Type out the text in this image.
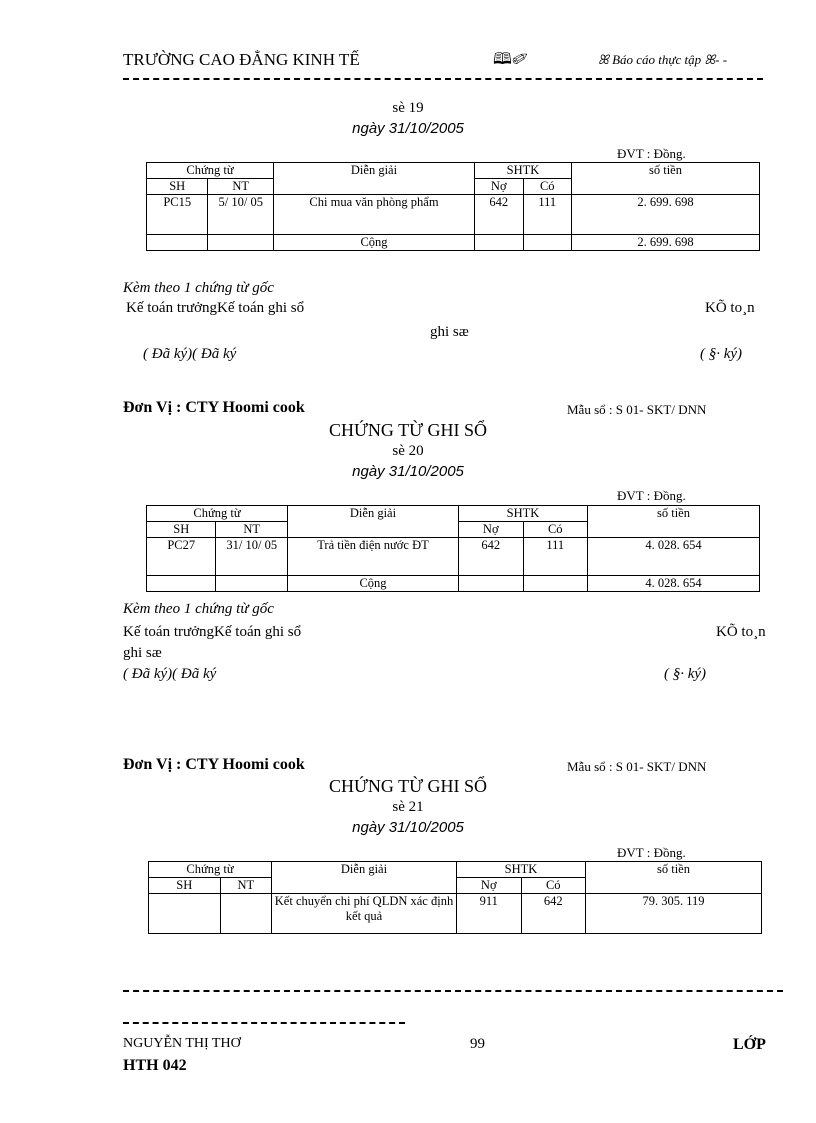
TRƯỜNG CAO ĐẲNG KINH TẾ	🕮✐	ꕤ Báo cáo thực tập ꕤ- -
sè 19
ngày 31/10/2005
ĐVT : Đồng.
Chứng từ		Diễn giải	SHTK		số tiền
SH	NT		Nợ	Có	
PC15	5/ 10/ 05	Chi mua văn phòng phẩm	642	111	2. 699. 698
		Cộng			2. 699. 698
Kèm theo 1 chứng từ gốc
Kế toán trưởngKế toán ghi sổ	KÕ to¸n
ghi sæ
( Đã ký)( Đã ký	( §· ký)
Đơn Vị : CTY Hoomi cook	Mẫu sổ : S 01- SKT/ DNN
CHỨNG TỪ GHI SỔ
sè 20
ngày 31/10/2005
ĐVT : Đồng.
Chứng từ		Diễn giải	SHTK		số tiền
SH	NT		Nợ	Có	
PC27	31/ 10/ 05	Trả tiền điện nước ĐT	642	111	4. 028. 654
		Cộng			4. 028. 654
Kèm theo 1 chứng từ gốc
Kế toán trưởngKế toán ghi sổ	KÕ to¸n
ghi sæ
( Đã ký)( Đã ký	( §· ký)
Đơn Vị : CTY Hoomi cook	Mẫu sổ : S 01- SKT/ DNN
CHỨNG TỪ GHI SỔ
sè 21
ngày 31/10/2005
ĐVT : Đồng.
Chứng từ		Diễn giải	SHTK		số tiền
SH	NT		Nợ	Có	
		Kết chuyển chi phí QLDN xác định kết quả	911	642	79. 305. 119
NGUYỄN THỊ THƠ	99	LỚP
HTH 042
